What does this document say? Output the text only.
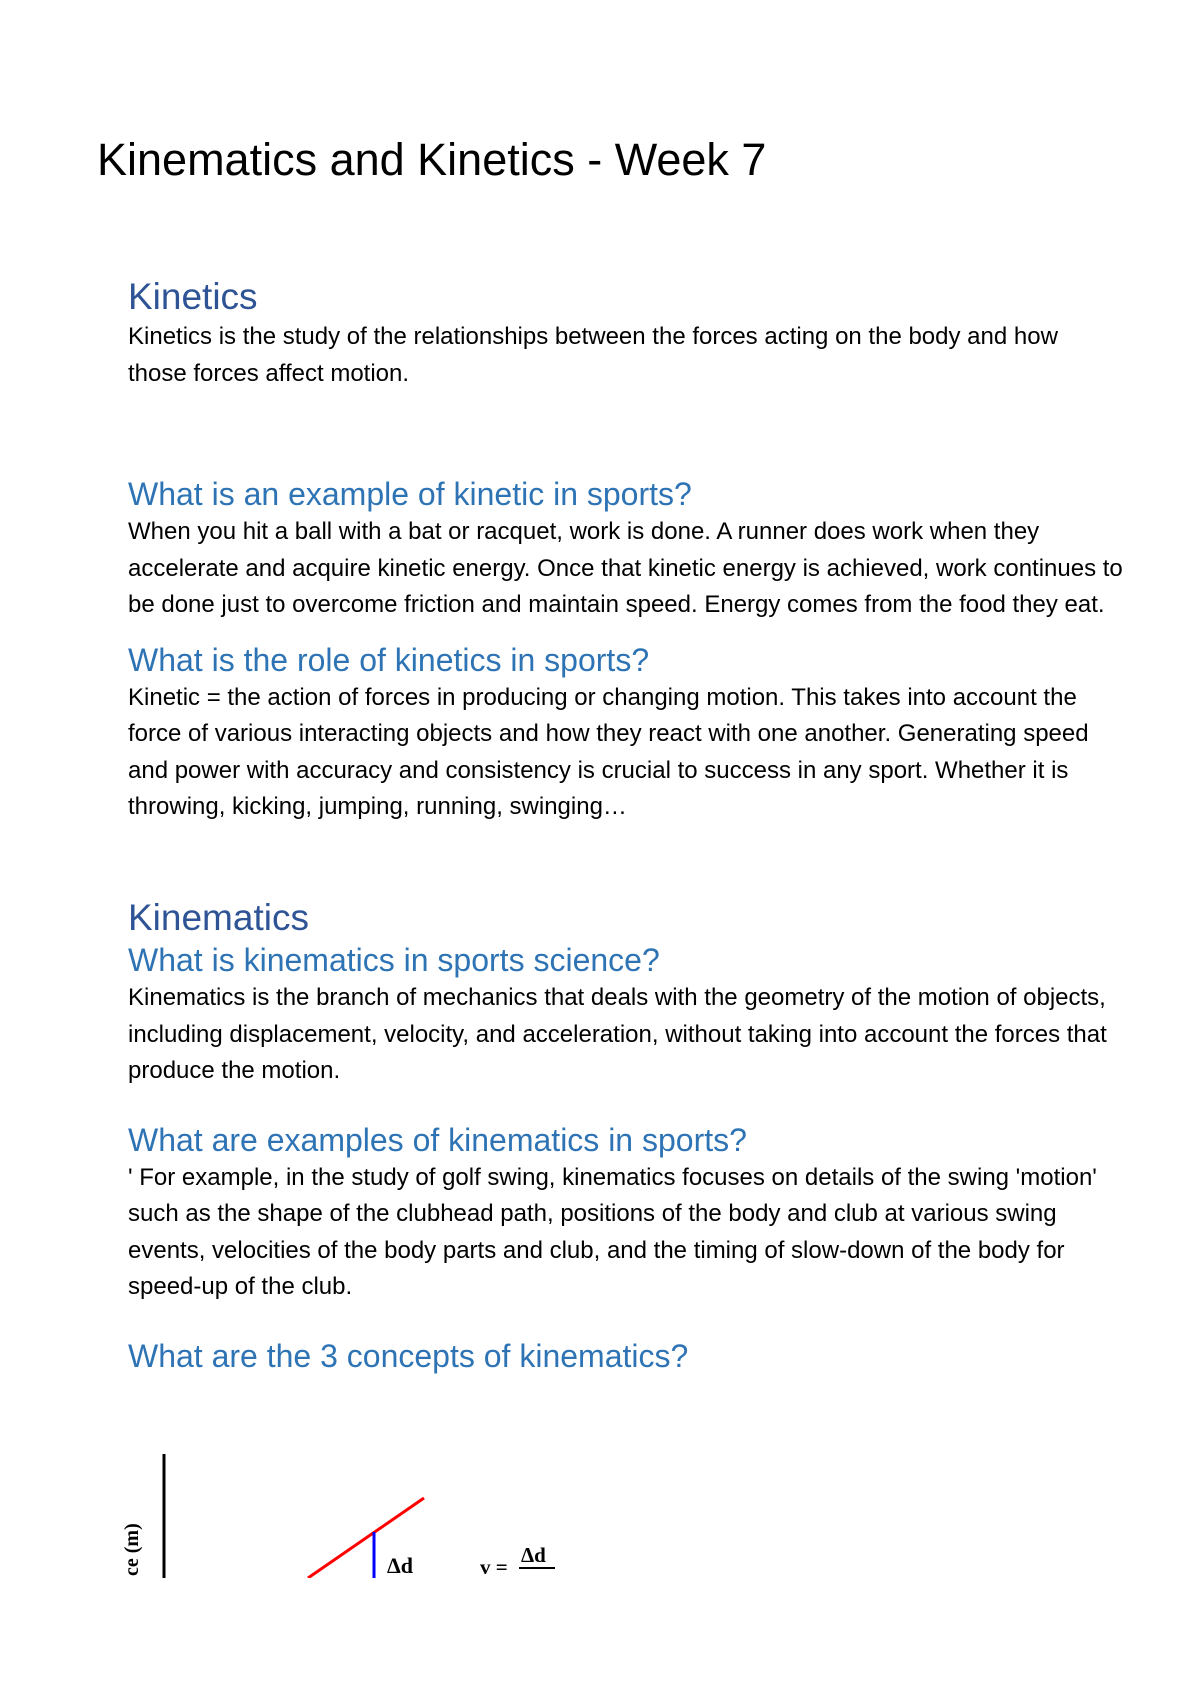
Kinematics and Kinetics - Week 7
Kinetics

Kinetics is the study of the relationships between the forces acting on the body and how
those forces affect motion.

What is an example of kinetic in sports?

When you hit a ball with a bat or racquet, work is done. A runner does work when they
accelerate and acquire kinetic energy. Once that kinetic energy is achieved, work continues to
be done just to overcome friction and maintain speed. Energy comes from the food they eat.

What is the role of kinetics in sports?

Kinetic = the action of forces in producing or changing motion. This takes into account the
force of various interacting objects and how they react with one another. Generating speed
and power with accuracy and consistency is crucial to success in any sport. Whether it is
throwing, kicking, jumping, running, swinging…

Kinematics
What is kinematics in sports science?

Kinematics is the branch of mechanics that deals with the geometry of the motion of objects,
including displacement, velocity, and acceleration, without taking into account the forces that
produce the motion.

What are examples of kinematics in sports?

' For example, in the study of golf swing, kinematics focuses on details of the swing 'motion'
such as the shape of the clubhead path, positions of the body and club at various swing
events, velocities of the body parts and club, and the timing of slow-down of the body for
speed-up of the club.

What are the 3 concepts of kinematics?
ce (m)	Δd	v = Δd
